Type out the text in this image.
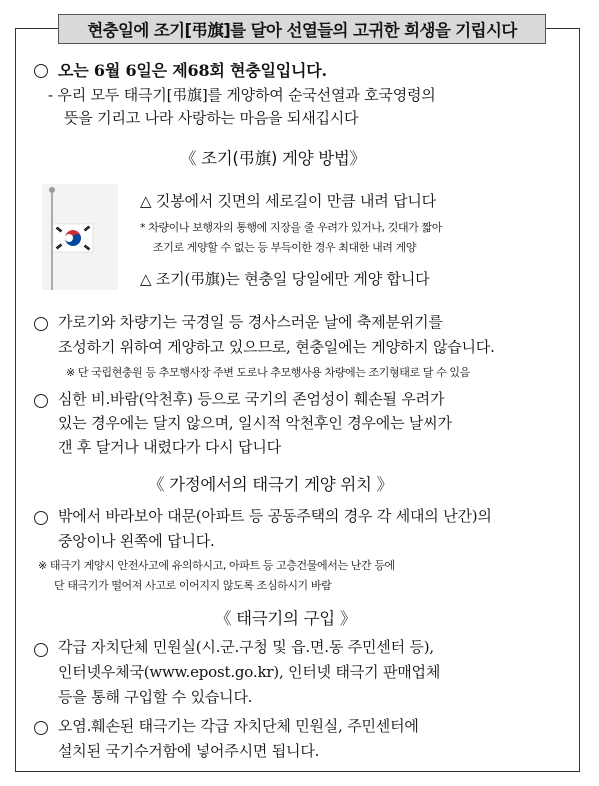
현충일에 조기[弔旗]를 달아 선열들의 고귀한 희생을 기립시다
오는 6월 6일은 제68회 현충일입니다.
- 우리 모두 태극기[弔旗]를 게양하여 순국선열과 호국영령의
뜻을 기리고 나라 사랑하는 마음을 되새깁시다
《 조기(弔旗) 게양 방법》
△ 깃봉에서 깃면의 세로길이 만큼 내려 답니다
* 차량이나 보행자의 통행에 지장을 줄 우려가 있거나, 깃대가 짧아
조기로 게양할 수 없는 등 부득이한 경우 최대한 내려 게양
△ 조기(弔旗)는 현충일 당일에만 게양 합니다
가로기와 차량기는 국경일 등 경사스러운 날에 축제분위기를
조성하기 위하여 게양하고 있으므로, 현충일에는 게양하지 않습니다.
※ 단 국립현충원 등 추모행사장 주변 도로나 추모행사용 차량에는 조기형태로 달 수 있음
심한 비.바람(악천후) 등으로 국기의 존엄성이 훼손될 우려가
있는 경우에는 달지 않으며, 일시적 악천후인 경우에는 날씨가
갠 후 달거나 내렸다가 다시 답니다
《 가정에서의 태극기 게양 위치 》
밖에서 바라보아 대문(아파트 등 공동주택의 경우 각 세대의 난간)의
중앙이나 왼쪽에 답니다.
※ 태극기 게양시 안전사고에 유의하시고, 아파트 등 고층건물에서는 난간 등에
단 태극기가 떨어져 사고로 이어지지 않도록 조심하시기 바람
《 태극기의 구입 》
각급 자치단체 민원실(시.군.구청 및 읍.면.동 주민센터 등),
인터넷우체국(www.epost.go.kr), 인터넷 태극기 판매업체
등을 통해 구입할 수 있습니다.
오염.훼손된 태극기는 각급 자치단체 민원실, 주민센터에
설치된 국기수거함에 넣어주시면 됩니다.
